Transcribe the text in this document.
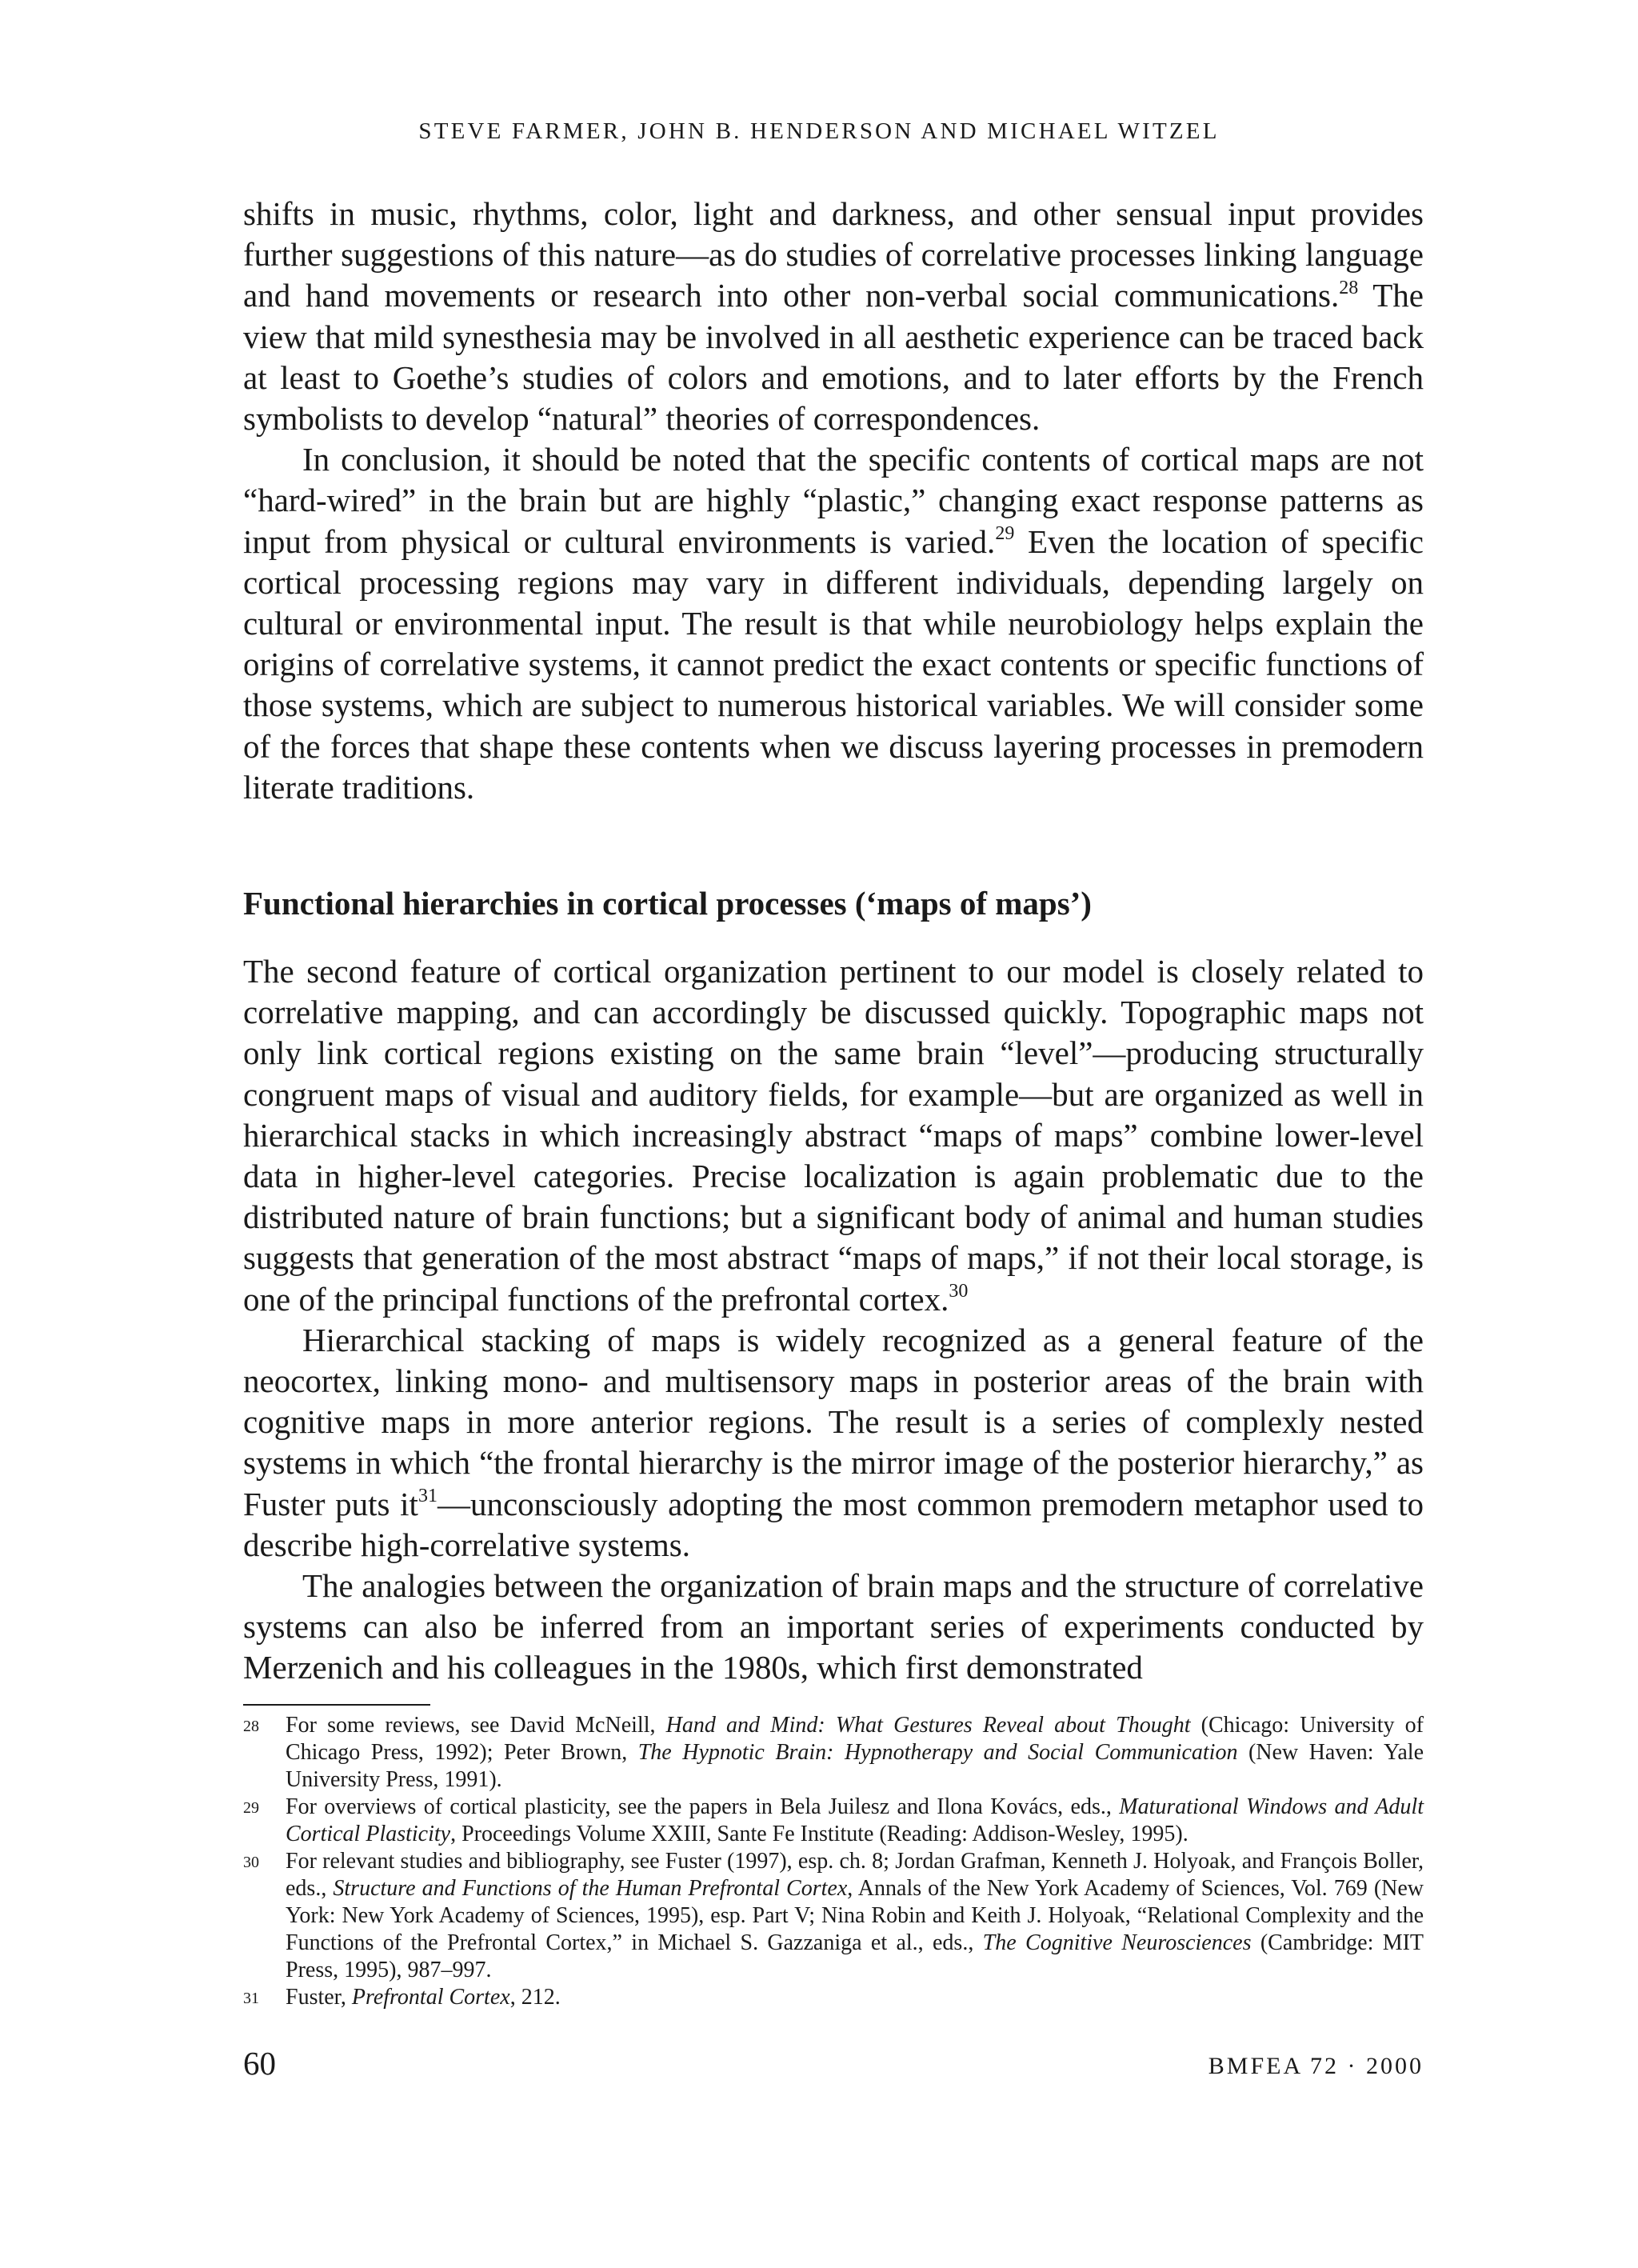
STEVE FARMER, JOHN B. HENDERSON AND MICHAEL WITZEL

shifts in music, rhythms, color, light and darkness, and other sensual input provides further suggestions of this nature—as do studies of correlative processes linking language and hand movements or research into other non-verbal social communications.$^{28}$ The view that mild synesthesia may be involved in all aesthetic experience can be traced back at least to Goethe’s studies of colors and emotions, and to later efforts by the French symbolists to develop “natural” theories of correspondences.

In conclusion, it should be noted that the specific contents of cortical maps are not “hard-wired” in the brain but are highly “plastic,” changing exact response patterns as input from physical or cultural environments is varied.$^{29}$ Even the location of specific cortical processing regions may vary in different individuals, depending largely on cultural or environmental input. The result is that while neurobiology helps explain the origins of correlative systems, it cannot predict the exact contents or specific functions of those systems, which are subject to numerous historical variables. We will consider some of the forces that shape these contents when we discuss layering processes in premodern literate traditions.

Functional hierarchies in cortical processes (‘maps of maps’)

The second feature of cortical organization pertinent to our model is closely related to correlative mapping, and can accordingly be discussed quickly. Topographic maps not only link cortical regions existing on the same brain “level”—producing structurally congruent maps of visual and auditory fields, for example—but are organized as well in hierarchical stacks in which increasingly abstract “maps of maps” combine lower-level data in higher-level categories. Precise localization is again problematic due to the distributed nature of brain functions; but a significant body of animal and human studies suggests that generation of the most abstract “maps of maps,” if not their local storage, is one of the principal functions of the prefrontal cortex.$^{30}$

Hierarchical stacking of maps is widely recognized as a general feature of the neocortex, linking mono- and multisensory maps in posterior areas of the brain with cognitive maps in more anterior regions. The result is a series of complexly nested systems in which “the frontal hierarchy is the mirror image of the posterior hierarchy,” as Fuster puts $it^{31}—unconsciously$ adopting the most common premodern metaphor used to describe high-correlative systems.

The analogies between the organization of brain maps and the structure of correlative systems can also be inferred from an important series of experiments conducted by Merzenich and his colleagues in the 1980s, which first demonstrated

28 For some reviews, see David McNeill, Hand and Mind: What Gestures Reveal about Thought (Chicago: University of Chicago Press, 1992); Peter Brown, The Hypnotic Brain: Hypnotherapy and Social Communication (New Haven: Yale University Press, 1991).

29 For overviews of cortical plasticity, see the papers in Bela Juilesz and Ilona Kovács, eds., Maturational Windows and Adult Cortical Plasticity, Proceedings Volume XXIII, Sante Fe Institute (Reading: Addison-Wesley, 1995).

30 For relevant studies and bibliography, see Fuster (1997), esp. ch. 8; Jordan Grafman, Kenneth J. Holyoak, and François Boller, eds., Structure and Functions of the Human Prefrontal Cortex, Annals of the New York Academy of Sciences, Vol. 769 (New York: New York Academy of Sciences, 1995), esp. Part V; Nina Robin and Keith J. Holyoak, “Relational Complexity and the Functions of the Prefrontal Cortex,” in Michael S. Gazzaniga et al., eds., The Cognitive Neurosciences (Cambridge: MIT Press, 1995), 987–997.

31 Fuster, Prefrontal Cortex, 212.

60	BMFEA 72 · 2000
